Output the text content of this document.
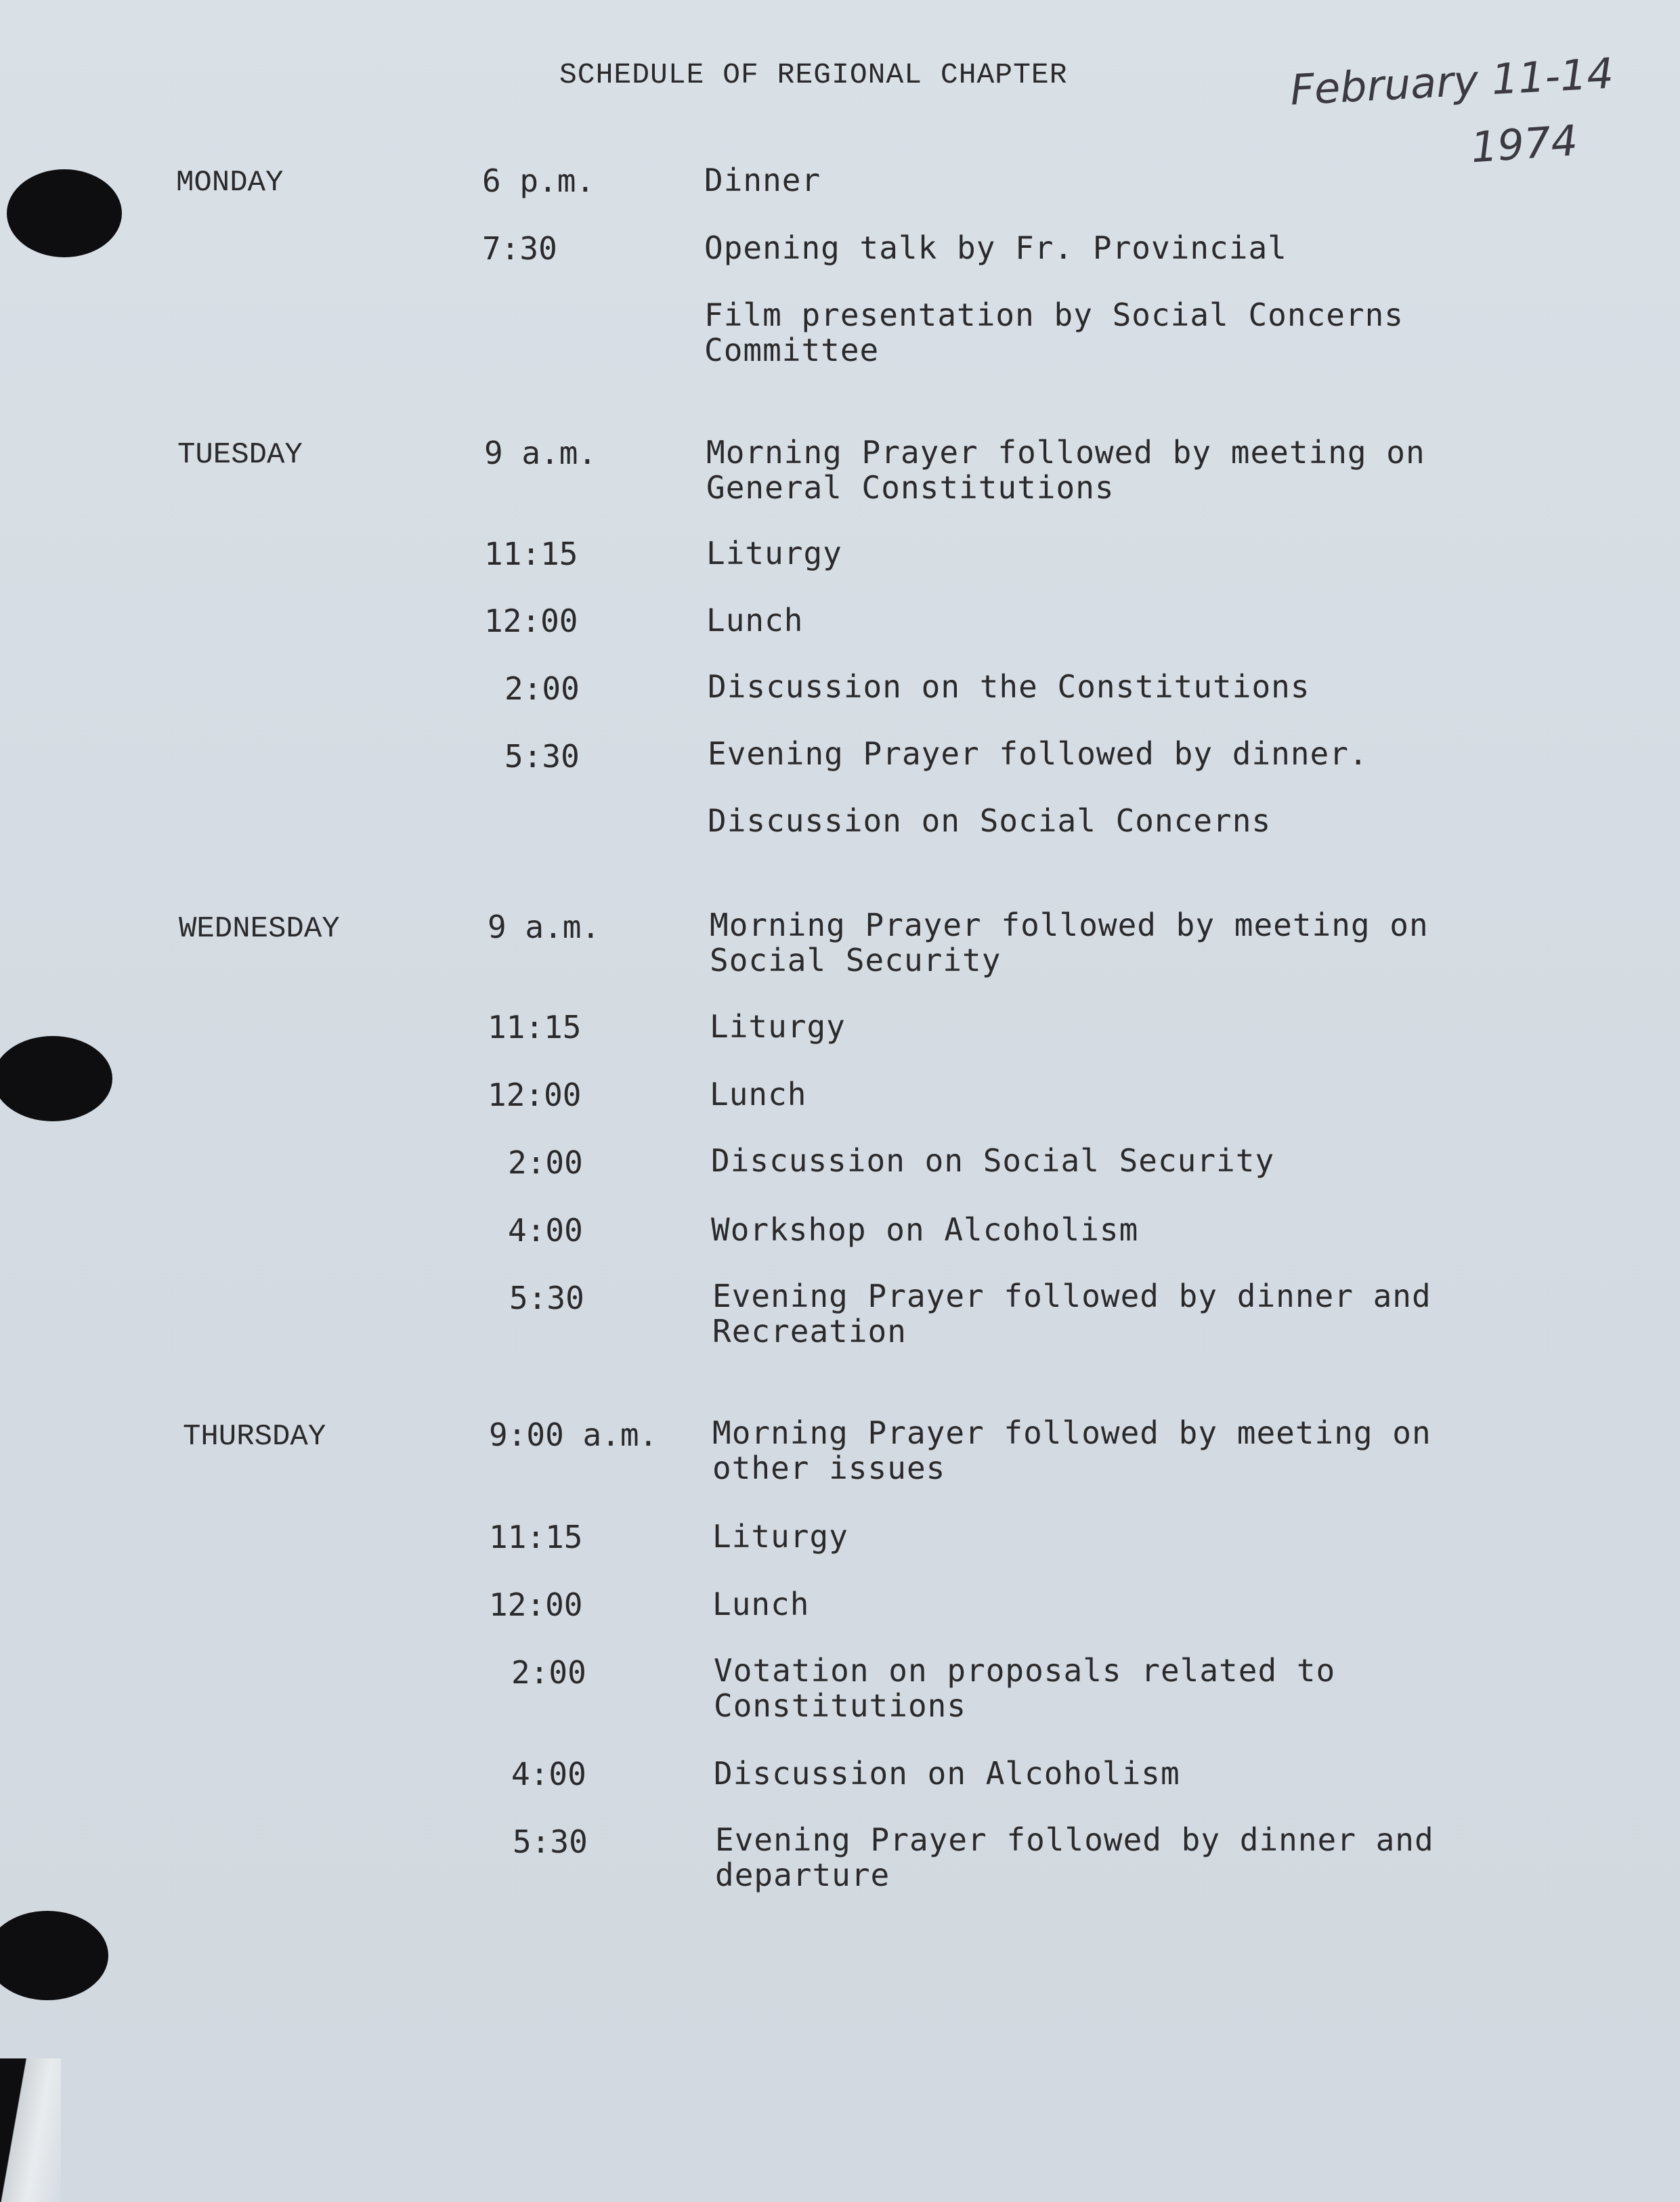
SCHEDULE OF REGIONAL CHAPTER	February 11-14
1974
MONDAY	6 p.m.	Dinner
7:30	Opening talk by Fr. Provincial
Film presentation by Social Concerns Committee
TUESDAY	9 a.m.	Morning Prayer followed by meeting on General Constitutions
11:15	Liturgy
12:00	Lunch
2:00	Discussion on the Constitutions
5:30	Evening Prayer followed by dinner.
Discussion on Social Concerns
WEDNESDAY	9 a.m.	Morning Prayer followed by meeting on Social Security
11:15	Liturgy
12:00	Lunch
2:00	Discussion on Social Security
4:00	Workshop on Alcoholism
5:30	Evening Prayer followed by dinner and Recreation
THURSDAY	9:00 a.m. Morning Prayer followed by meeting on other issues
11:15	Liturgy
12:00	Lunch
2:00	Votation on proposals related to Constitutions
4:00	Discussion on Alcoholism
5:30	Evening Prayer followed by dinner and departure
